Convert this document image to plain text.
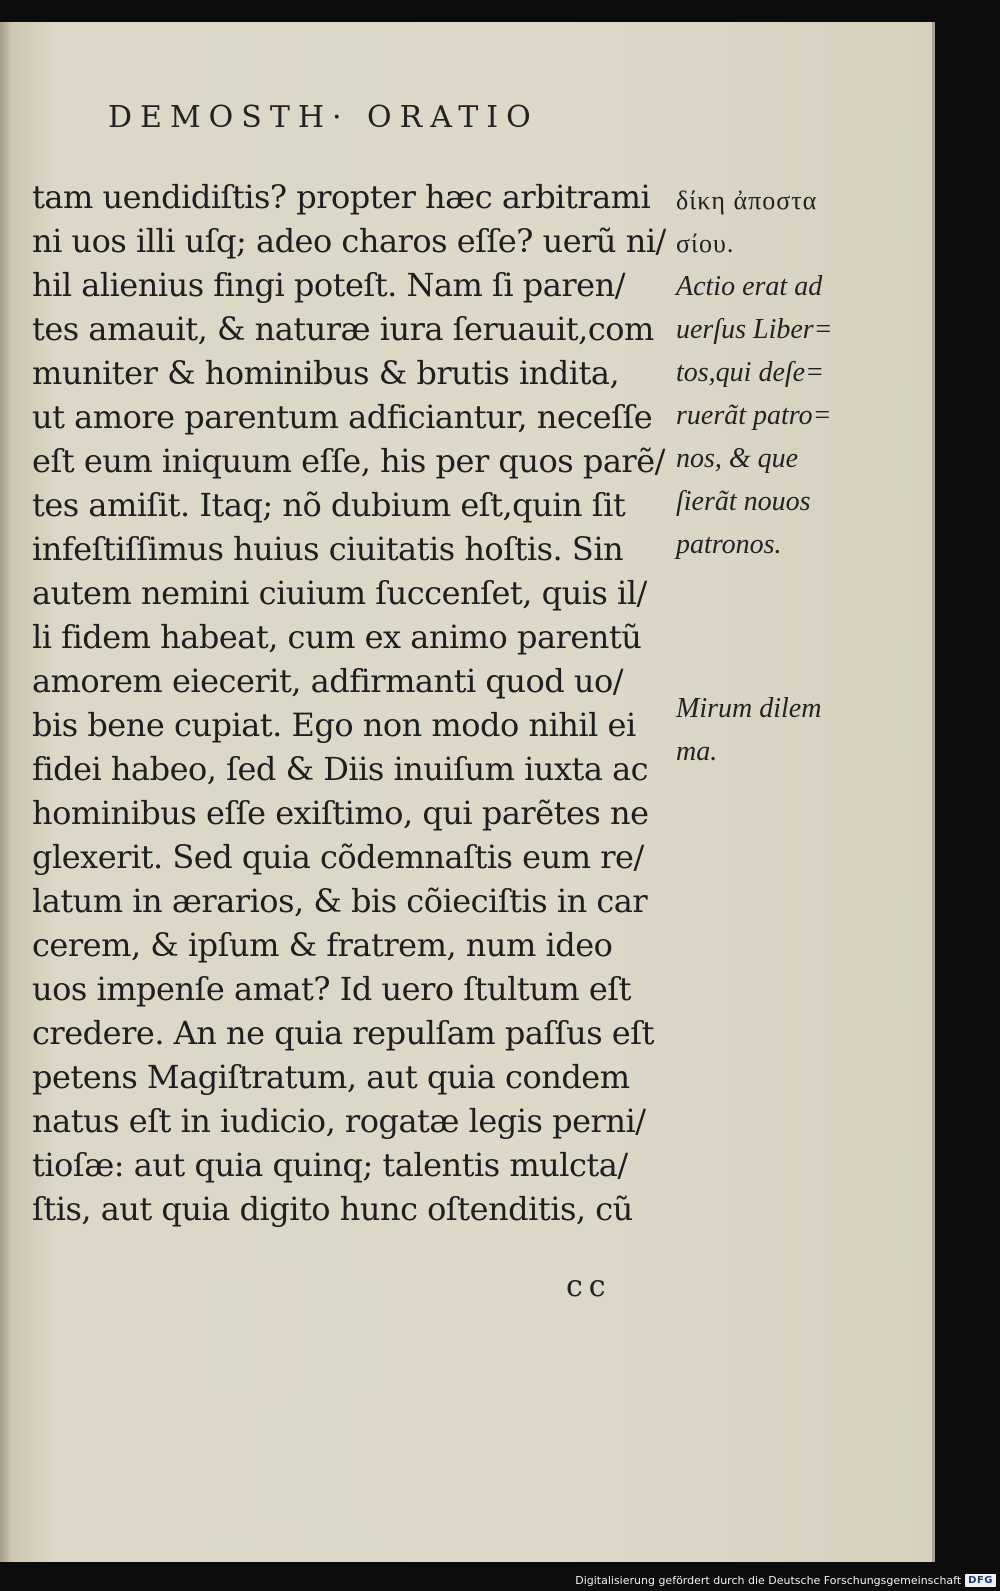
DEMOSTH· ORATIO
tam uendidiſtis? propter hæc arbitrami
ni uos illi uſq; adeo charos eſſe? uerũ ni/
hil alienius fingi poteſt. Nam ſi paren/
tes amauit, & naturæ iura ſeruauit,com
muniter & hominibus & brutis indita,
ut amore parentum adficiantur, neceſſe
eſt eum iniquum eſſe, his per quos parẽ/
tes amiſit. Itaq; nõ dubium eſt,quin ſit
infeſtiſſimus huius ciuitatis hoſtis. Sin
autem nemini ciuium ſuccenſet, quis il/
li fidem habeat, cum ex animo parentũ
amorem eiecerit, adfirmanti quod uo/
bis bene cupiat. Ego non modo nihil ei
fidei habeo, ſed & Diis inuiſum iuxta ac
hominibus eſſe exiſtimo, qui parẽtes ne
glexerit. Sed quia cõdemnaſtis eum re/
latum in ærarios, & bis cõieciſtis in car
cerem, & ipſum & fratrem, num ideo
uos impenſe amat? Id uero ſtultum eſt
credere. An ne quia repulſam paſſus eſt
petens Magiſtratum, aut quia condem
natus eſt in iudicio, rogatæ legis perni/
tioſæ: aut quia quinq; talentis mulcta/
ſtis, aut quia digito hunc oſtenditis, cũ
δίκη ἀποστα
σίου.
Actio erat ad
uerſus Liber=
tos,qui deſe=
ruerãt patro=
nos, & que
ſierãt nouos
patronos.
Mirum dilem
ma.
cc
Digitalisierung gefördert durch die Deutsche Forschungsgemeinschaft DFG
